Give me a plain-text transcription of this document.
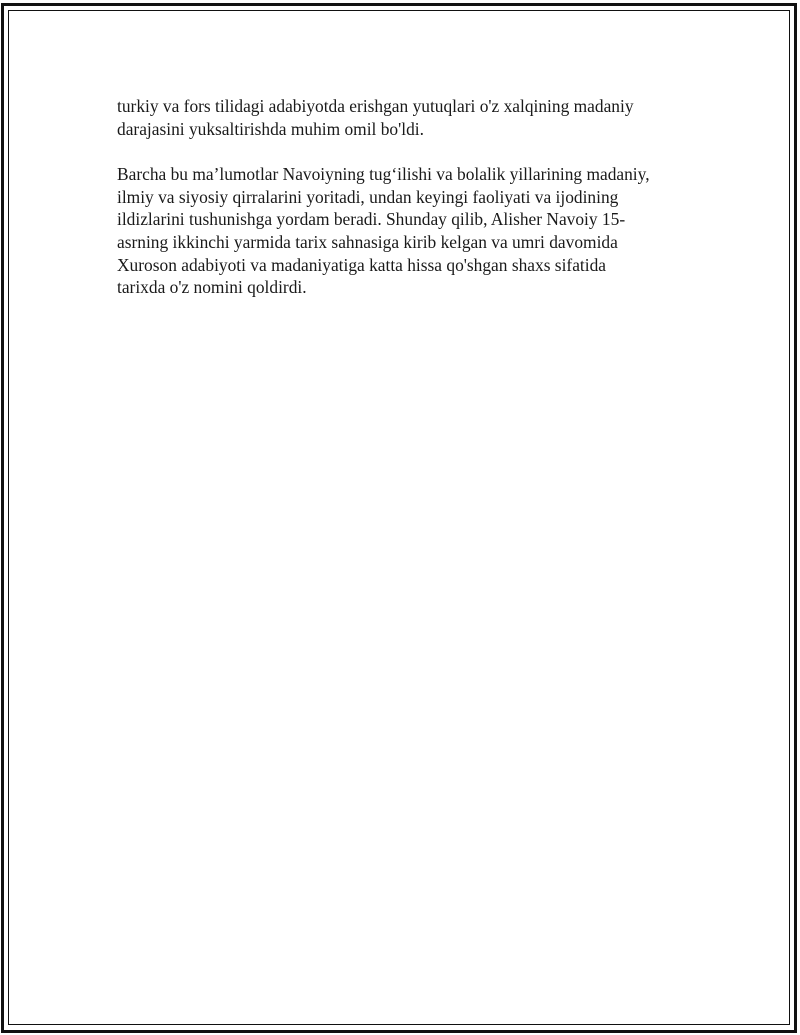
turkiy va fors tilidagi adabiyotda erishgan yutuqlari o'z xalqining madaniy
darajasini yuksaltirishda muhim omil bo'ldi.

Barcha bu ma’lumotlar Navoiyning tug‘ilishi va bolalik yillarining madaniy,
ilmiy va siyosiy qirralarini yoritadi, undan keyingi faoliyati va ijodining
ildizlarini tushunishga yordam beradi. Shunday qilib, Alisher Navoiy 15-
asrning ikkinchi yarmida tarix sahnasiga kirib kelgan va umri davomida
Xuroson adabiyoti va madaniyatiga katta hissa qo'shgan shaxs sifatida
tarixda o'z nomini qoldirdi.
